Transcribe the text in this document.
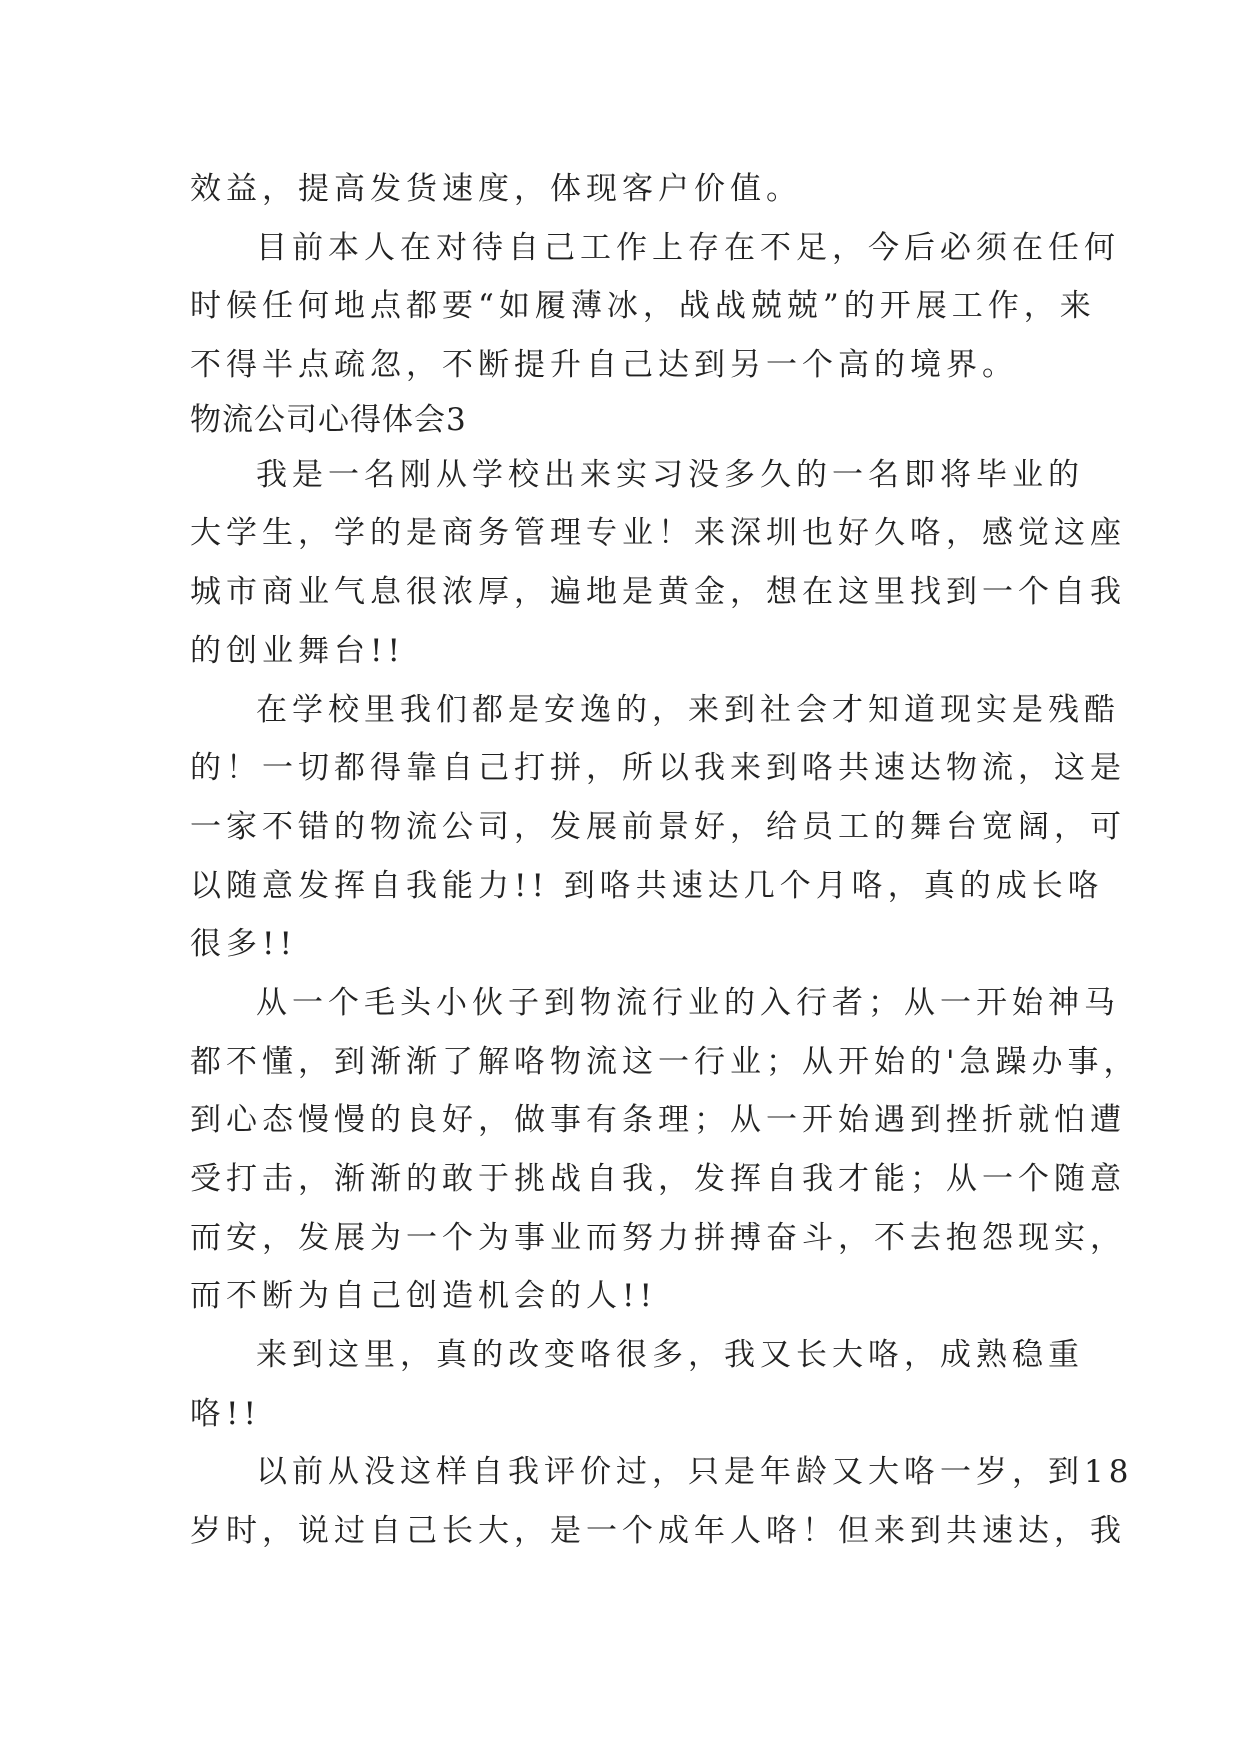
效益，提高发货速度，体现客户价值。
目前本人在对待自己工作上存在不足，今后必须在任何
时候任何地点都要“如履薄冰，战战兢兢”的开展工作，来
不得半点疏忽，不断提升自己达到另一个高的境界。
物流公司心得体会3
我是一名刚从学校出来实习没多久的一名即将毕业的
大学生，学的是商务管理专业！来深圳也好久咯，感觉这座
城市商业气息很浓厚，遍地是黄金，想在这里找到一个自我
的创业舞台!!
在学校里我们都是安逸的，来到社会才知道现实是残酷
的！一切都得靠自己打拼，所以我来到咯共速达物流，这是
一家不错的物流公司，发展前景好，给员工的舞台宽阔，可
以随意发挥自我能力!! 到咯共速达几个月咯，真的成长咯
很多!!
从一个毛头小伙子到物流行业的入行者；从一开始神马
都不懂，到渐渐了解咯物流这一行业；从开始的'急躁办事，
到心态慢慢的良好，做事有条理；从一开始遇到挫折就怕遭
受打击，渐渐的敢于挑战自我，发挥自我才能；从一个随意
而安，发展为一个为事业而努力拼搏奋斗，不去抱怨现实，
而不断为自己创造机会的人!!
来到这里，真的改变咯很多，我又长大咯，成熟稳重
咯!!
以前从没这样自我评价过，只是年龄又大咯一岁，到18
岁时，说过自己长大，是一个成年人咯！但来到共速达，我
